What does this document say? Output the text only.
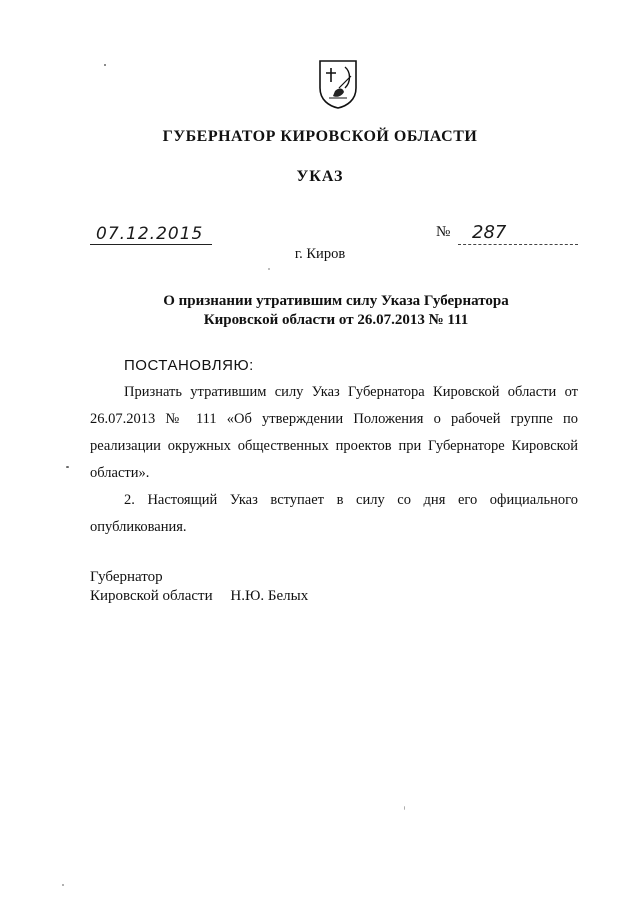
ГУБЕРНАТОР КИРОВСКОЙ ОБЛАСТИ
УКАЗ
07.12.2015	№ 287
г. Киров
О признании утратившим силу Указа Губернатора
Кировской области от 26.07.2013 № 111
ПОСТАНОВЛЯЮ:
Признать утратившим силу Указ Губернатора Кировской области от 26.07.2013 № 111 «Об утверждении Положения о рабочей группе по реализации окружных общественных проектов при Губернаторе Кировской области».
2. Настоящий Указ вступает в силу со дня его официального опубликования.
Губернатор
Кировской области Н.Ю. Белых
